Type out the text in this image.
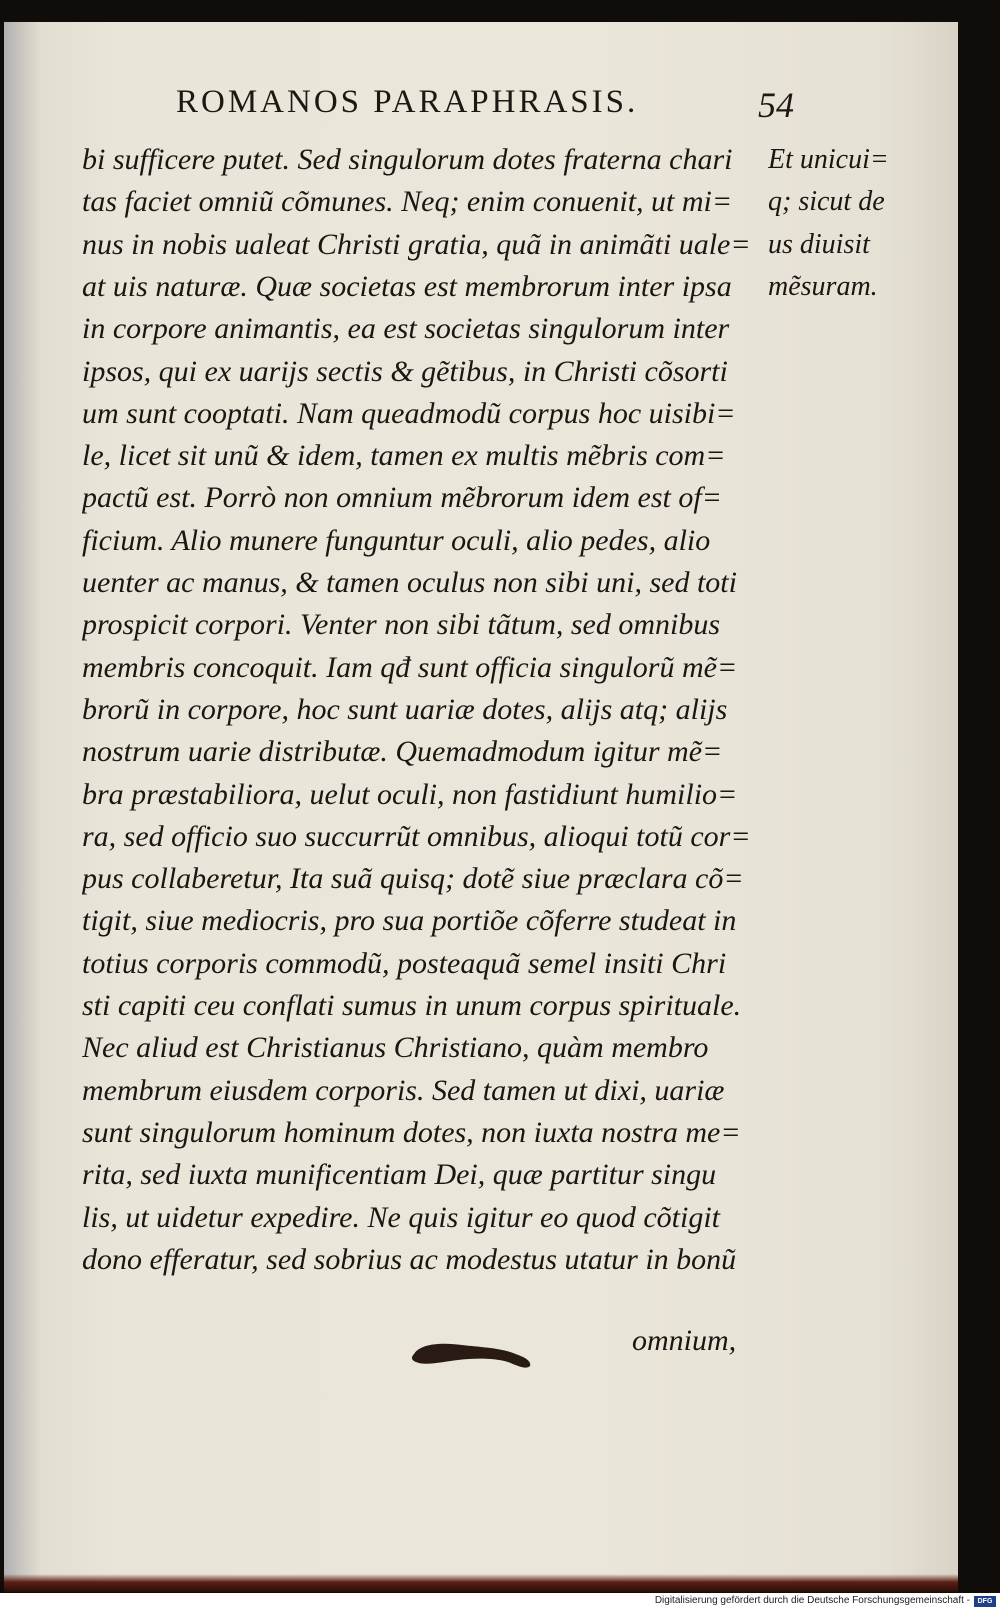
ROMANOS PARAPHRASIS.	54
bi sufficere putet. Sed singulorum dotes fraterna chari
tas faciet omniũ cõmunes. Neq; enim conuenit, ut mi=
nus in nobis ualeat Christi gratia, quã in animãti uale=
at uis naturæ. Quæ societas est membrorum inter ipsa
in corpore animantis, ea est societas singulorum inter
ipsos, qui ex uarijs sectis & gẽtibus, in Christi cõsorti
um sunt cooptati. Nam queadmodũ corpus hoc uisibi=
le, licet sit unũ & idem, tamen ex multis mẽbris com=
pactũ est. Porrò non omnium mẽbrorum idem est of=
ficium. Alio munere funguntur oculi, alio pedes, alio
uenter ac manus, & tamen oculus non sibi uni, sed toti
prospicit corpori. Venter non sibi tãtum, sed omnibus
membris concoquit. Iam qđ sunt officia singulorũ mẽ=
brorũ in corpore, hoc sunt uariæ dotes, alijs atq; alijs
nostrum uarie distributæ. Quemadmodum igitur mẽ=
bra præstabiliora, uelut oculi, non fastidiunt humilio=
ra, sed officio suo succurrũt omnibus, alioqui totũ cor=
pus collaberetur, Ita suã quisq; dotẽ siue præclara cõ=
tigit, siue mediocris, pro sua portiõe cõferre studeat in
totius corporis commodũ, posteaquã semel insiti Chri
sti capiti ceu conflati sumus in unum corpus spirituale.
Nec aliud est Christianus Christiano, quàm membro
membrum eiusdem corporis. Sed tamen ut dixi, uariæ
sunt singulorum hominum dotes, non iuxta nostra me=
rita, sed iuxta munificentiam Dei, quæ partitur singu
lis, ut uidetur expedire. Ne quis igitur eo quod cõtigit
dono efferatur, sed sobrius ac modestus utatur in bonũ
Et unicui=
q; sicut de
us diuisit
mẽsuram.
omnium,
Digitalisierung gefördert durch die Deutsche Forschungsgemeinschaft -	DFG
